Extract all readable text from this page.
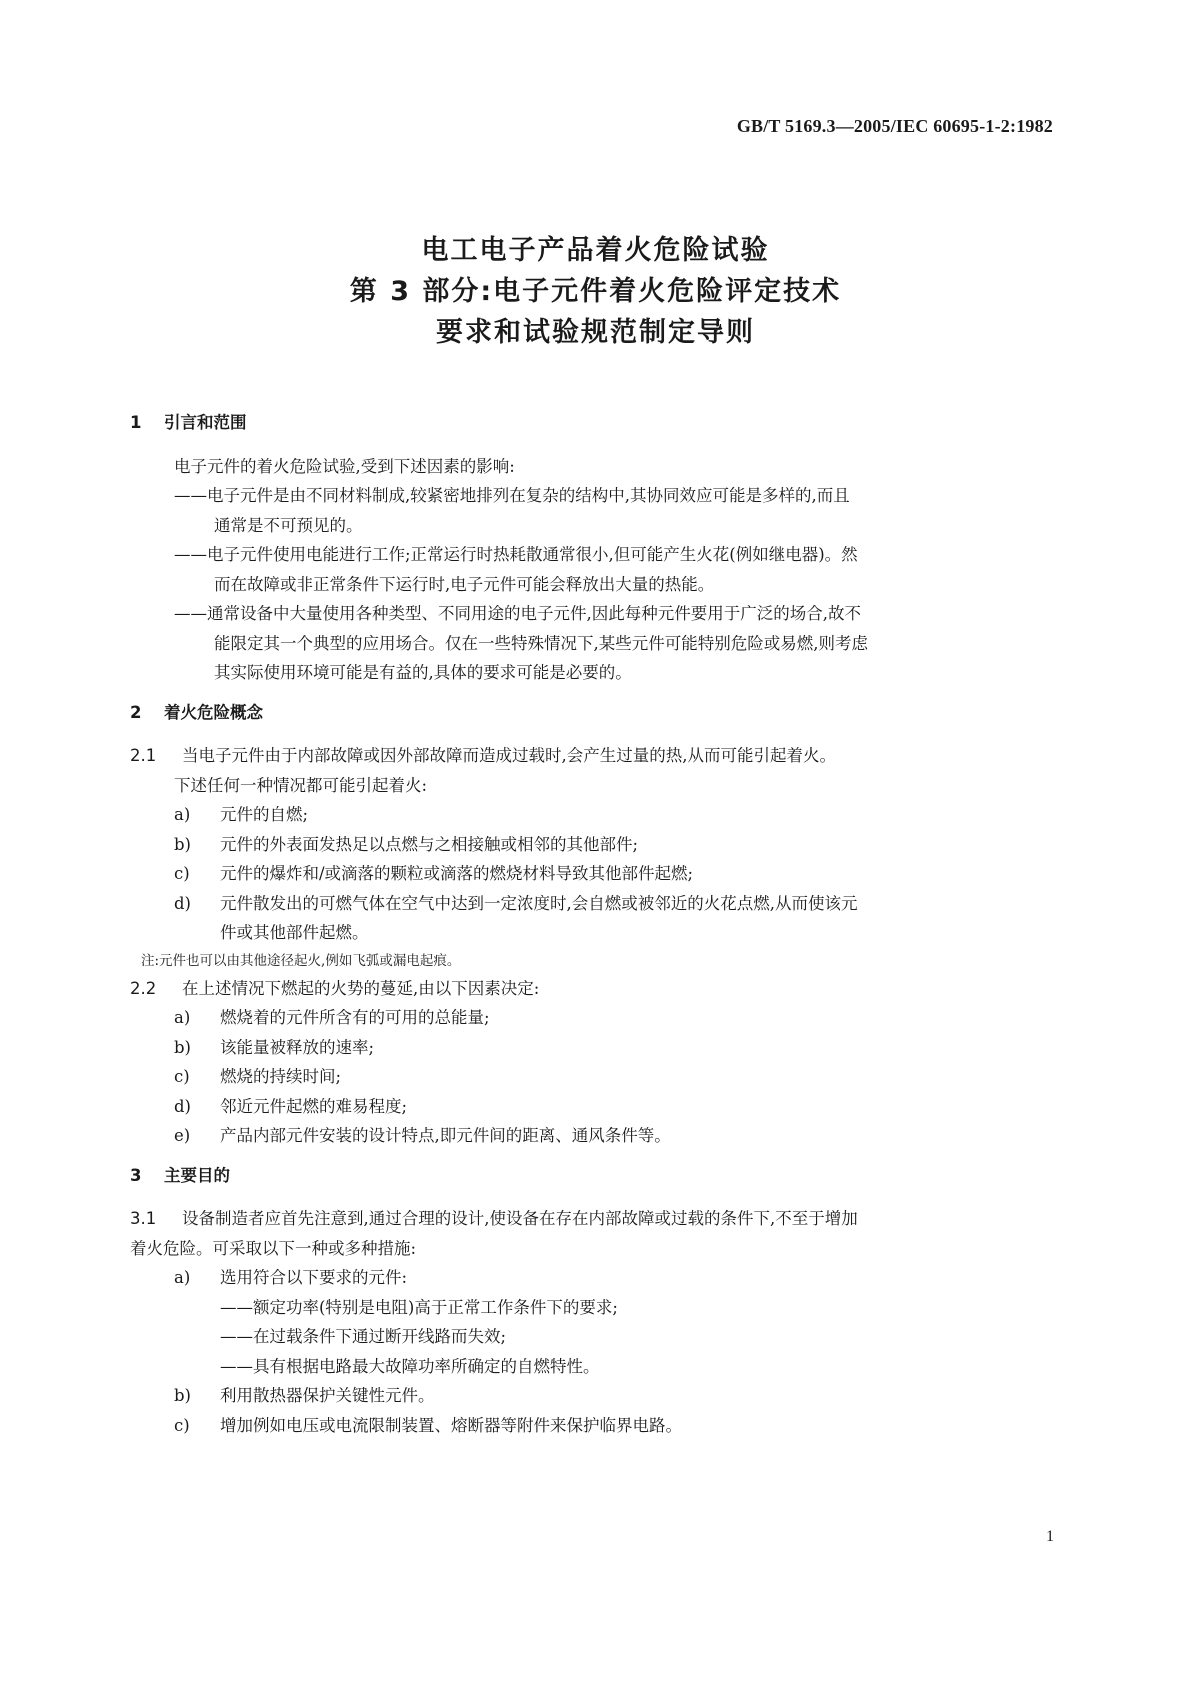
GB/T 5169.3—2005/IEC 60695-1-2:1982
电工电子产品着火危险试验
第 3 部分:电子元件着火危险评定技术
要求和试验规范制定导则
1 引言和范围
电子元件的着火危险试验,受到下述因素的影响:
——电子元件是由不同材料制成,较紧密地排列在复杂的结构中,其协同效应可能是多样的,而且
通常是不可预见的。
——电子元件使用电能进行工作;正常运行时热耗散通常很小,但可能产生火花(例如继电器)。然
而在故障或非正常条件下运行时,电子元件可能会释放出大量的热能。
——通常设备中大量使用各种类型、不同用途的电子元件,因此每种元件要用于广泛的场合,故不
能限定其一个典型的应用场合。仅在一些特殊情况下,某些元件可能特别危险或易燃,则考虑
其实际使用环境可能是有益的,具体的要求可能是必要的。
2 着火危险概念
2.1 当电子元件由于内部故障或因外部故障而造成过载时,会产生过量的热,从而可能引起着火。
下述任何一种情况都可能引起着火:
a) 元件的自燃;
b) 元件的外表面发热足以点燃与之相接触或相邻的其他部件;
c) 元件的爆炸和/或滴落的颗粒或滴落的燃烧材料导致其他部件起燃;
d) 元件散发出的可燃气体在空气中达到一定浓度时,会自燃或被邻近的火花点燃,从而使该元
件或其他部件起燃。
注:元件也可以由其他途径起火,例如飞弧或漏电起痕。
2.2 在上述情况下燃起的火势的蔓延,由以下因素决定:
a) 燃烧着的元件所含有的可用的总能量;
b) 该能量被释放的速率;
c) 燃烧的持续时间;
d) 邻近元件起燃的难易程度;
e) 产品内部元件安装的设计特点,即元件间的距离、通风条件等。
3 主要目的
3.1 设备制造者应首先注意到,通过合理的设计,使设备在存在内部故障或过载的条件下,不至于增加
着火危险。可采取以下一种或多种措施:
a) 选用符合以下要求的元件:
——额定功率(特别是电阻)高于正常工作条件下的要求;
——在过载条件下通过断开线路而失效;
——具有根据电路最大故障功率所确定的自燃特性。
b) 利用散热器保护关键性元件。
c) 增加例如电压或电流限制装置、熔断器等附件来保护临界电路。
1
